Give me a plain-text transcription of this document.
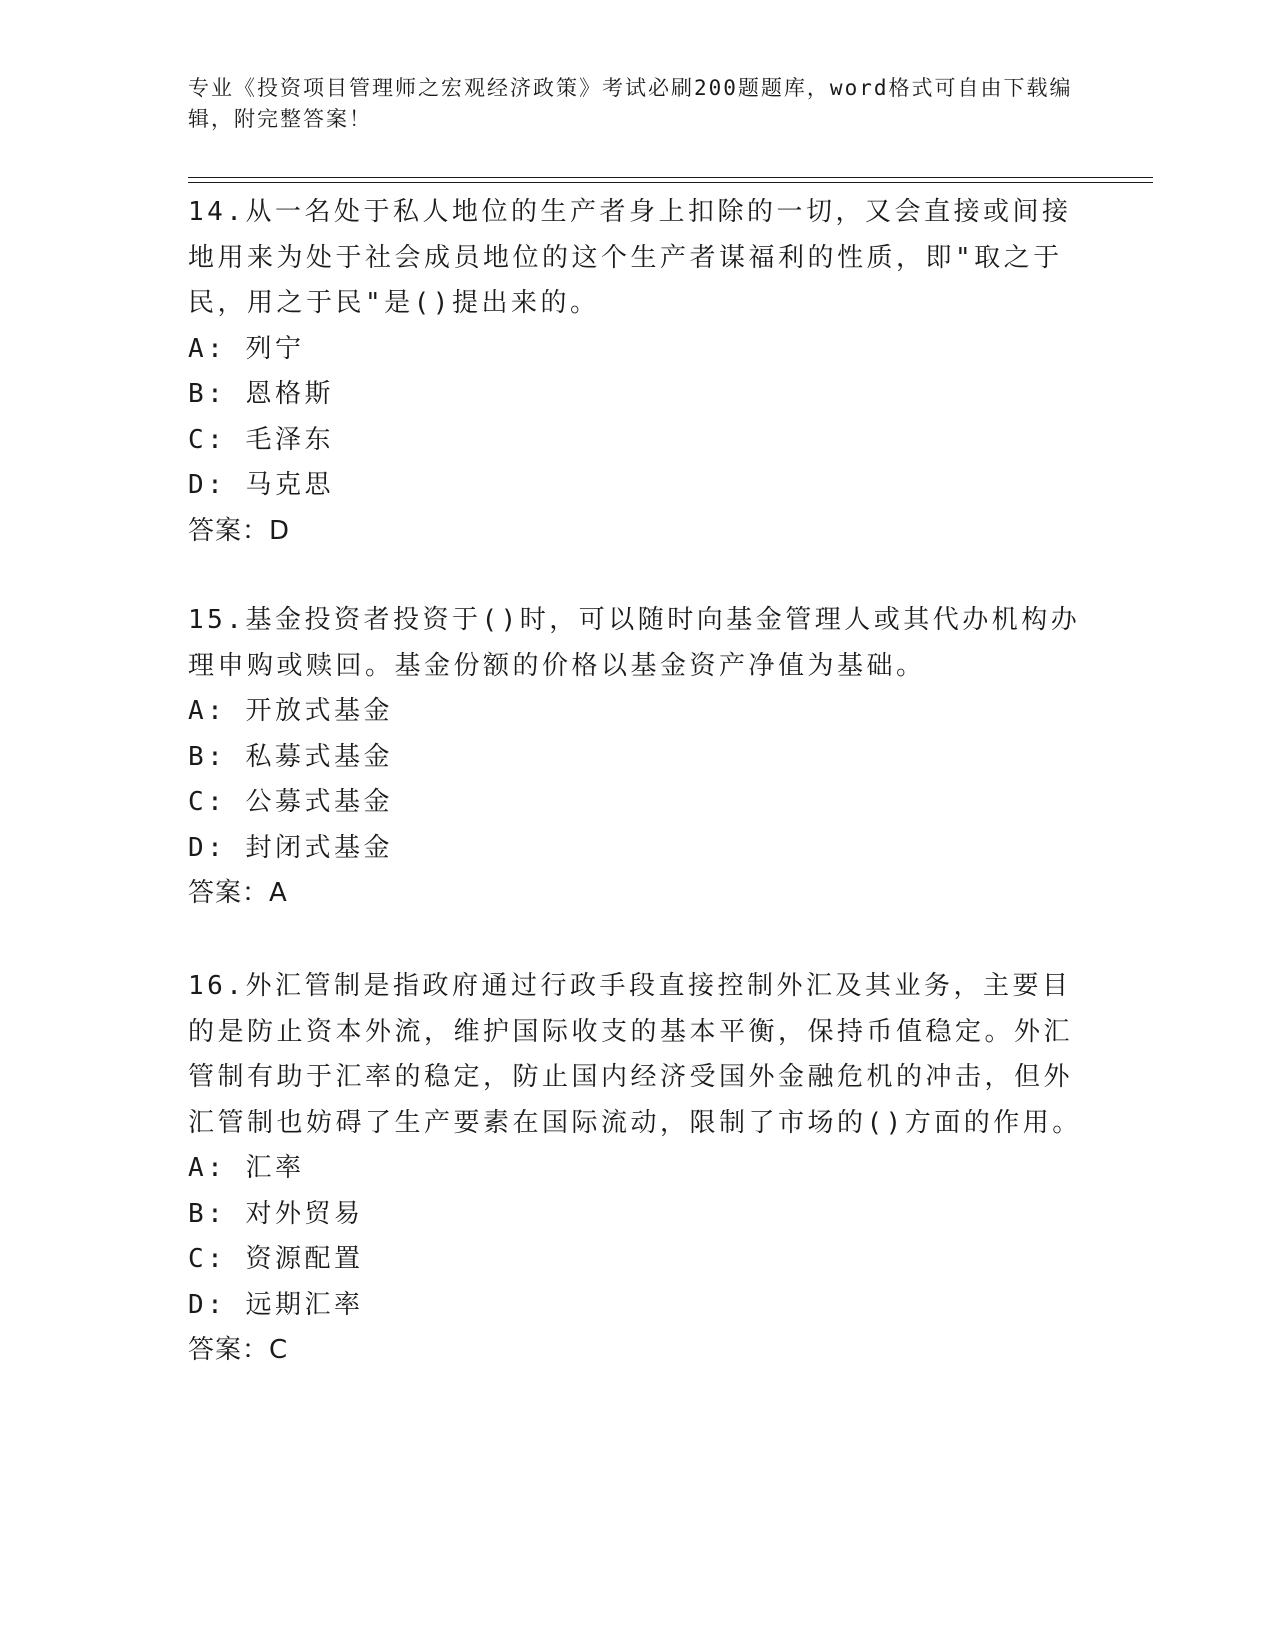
专业《投资项目管理师之宏观经济政策》考试必刷200题题库，word格式可自由下载编辑，附完整答案！

14.从一名处于私人地位的生产者身上扣除的一切，又会直接或间接地用来为处于社会成员地位的这个生产者谋福利的性质，即"取之于民，用之于民"是()提出来的。

A: 列宁

B: 恩格斯

C: 毛泽东

D: 马克思

答案：D

15.基金投资者投资于()时，可以随时向基金管理人或其代办机构办理申购或赎回。基金份额的价格以基金资产净值为基础。

A: 开放式基金

B: 私募式基金

C: 公募式基金

D: 封闭式基金

答案：A

16.外汇管制是指政府通过行政手段直接控制外汇及其业务，主要目的是防止资本外流，维护国际收支的基本平衡，保持币值稳定。外汇管制有助于汇率的稳定，防止国内经济受国外金融危机的冲击，但外汇管制也妨碍了生产要素在国际流动，限制了市场的()方面的作用。

A: 汇率

B: 对外贸易

C: 资源配置

D: 远期汇率

答案：C
